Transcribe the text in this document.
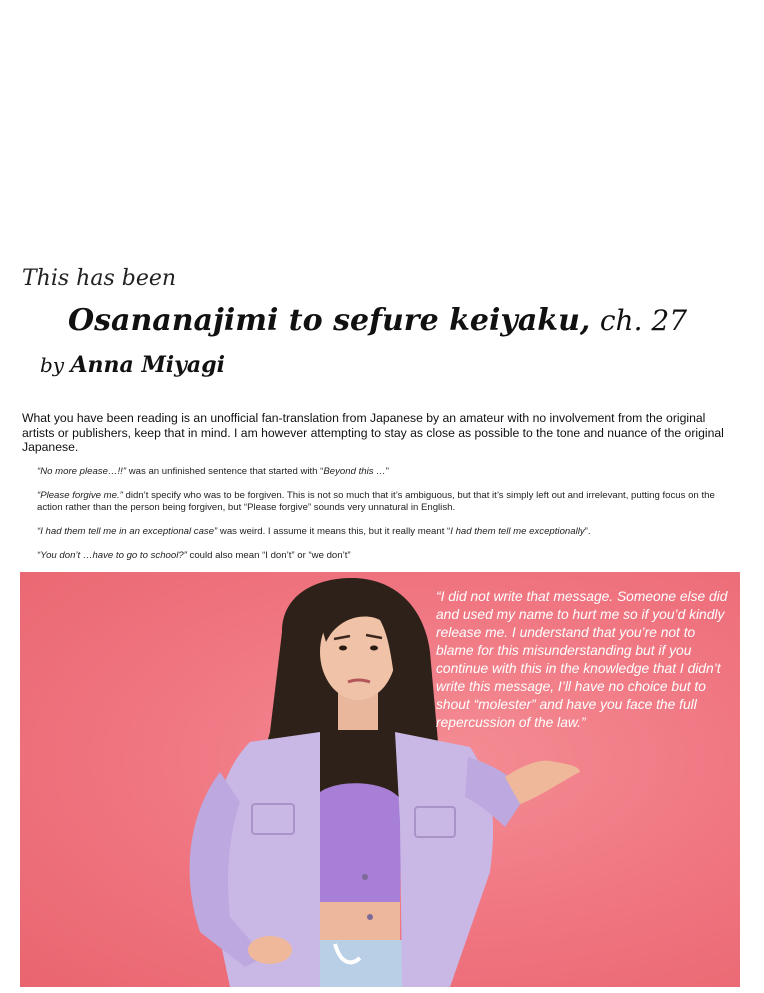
This has been
Osananajimi to sefure keiyaku, ch. 27
by Anna Miyagi
What you have been reading is an unofficial fan-translation from Japanese by an amateur with no involvement from the original artists or publishers, keep that in mind. I am however attempting to stay as close as possible to the tone and nuance of the original Japanese.
“No more please…!!” was an unfinished sentence that started with “Beyond this …”
“Please forgive me.” didn’t specify who was to be forgiven. This is not so much that it’s ambiguous, but that it’s simply left out and irrelevant, putting focus on the action rather than the person being forgiven, but “Please forgive” sounds very unnatural in English.
“I had them tell me in an exceptional case” was weird. I assume it means this, but it really meant “I had them tell me exceptionally”.
“You don’t …have to go to school?” could also mean “I don’t” or “we don’t”
“I did not write that message. Someone else did and used my name to hurt me so if you’d kindly release me. I understand that you’re not to blame for this misunderstanding but if you continue with this in the knowledge that I didn’t write this message, I’ll have no choice but to shout “molester” and have you face the full repercussion of the law.”
